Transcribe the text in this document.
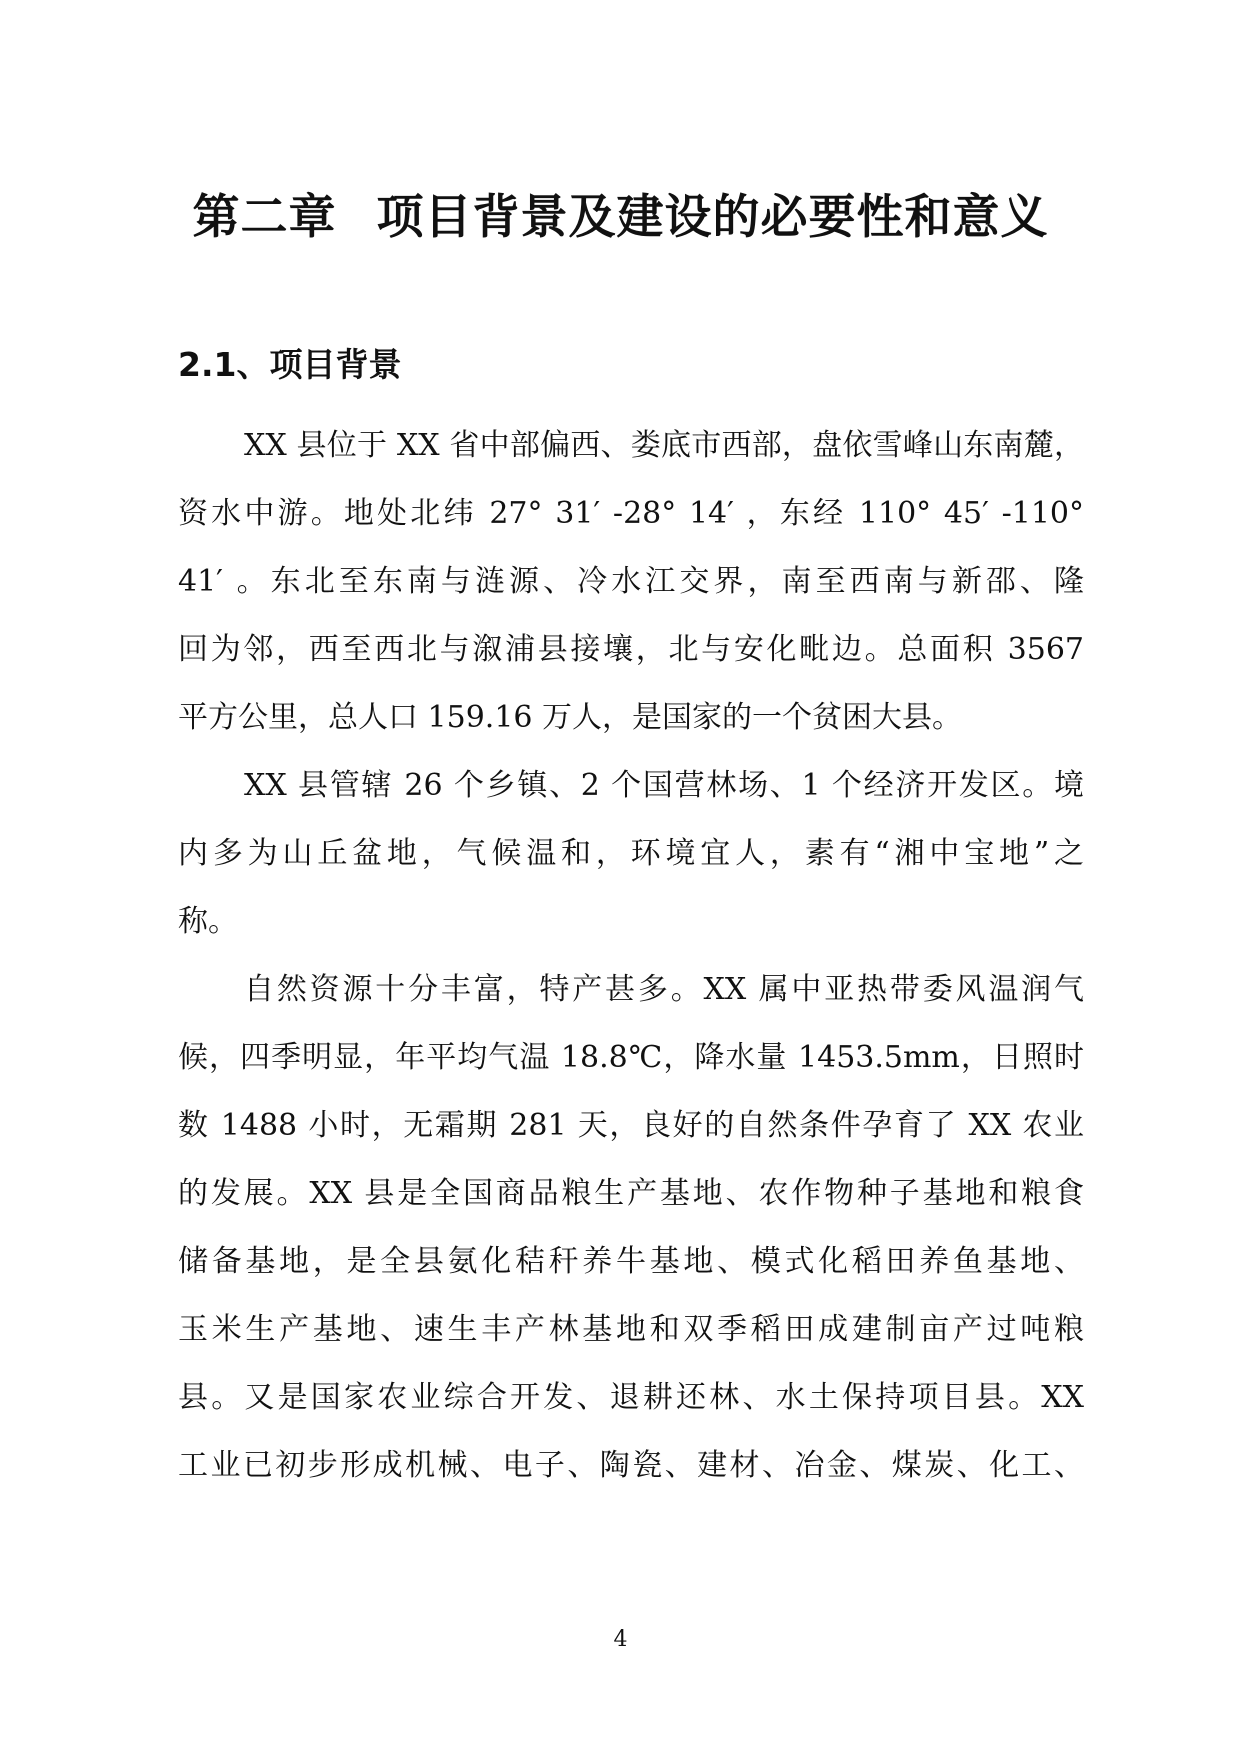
第二章 项目背景及建设的必要性和意义
2.1、项目背景
XX 县位于 XX 省中部偏西、娄底市西部，盘依雪峰山东南麓，
资水中游。地处北纬 27° 31′ -28° 14′ ，东经 110° 45′ -110°
41′ 。东北至东南与涟源、冷水江交界，南至西南与新邵、隆
回为邻，西至西北与溆浦县接壤，北与安化毗边。总面积 3567
平方公里，总人口 159.16 万人，是国家的一个贫困大县。
XX 县管辖 26 个乡镇、2 个国营林场、1 个经济开发区。境
内多为山丘盆地，气候温和，环境宜人，素有“湘中宝地”之
称。
自然资源十分丰富，特产甚多。XX 属中亚热带委风温润气
候，四季明显，年平均气温 18.8℃，降水量 1453.5mm，日照时
数 1488 小时，无霜期 281 天，良好的自然条件孕育了 XX 农业
的发展。XX 县是全国商品粮生产基地、农作物种子基地和粮食
储备基地，是全县氨化秸秆养牛基地、模式化稻田养鱼基地、
玉米生产基地、速生丰产林基地和双季稻田成建制亩产过吨粮
县。又是国家农业综合开发、退耕还林、水土保持项目县。XX
工业已初步形成机械、电子、陶瓷、建材、冶金、煤炭、化工、
4
